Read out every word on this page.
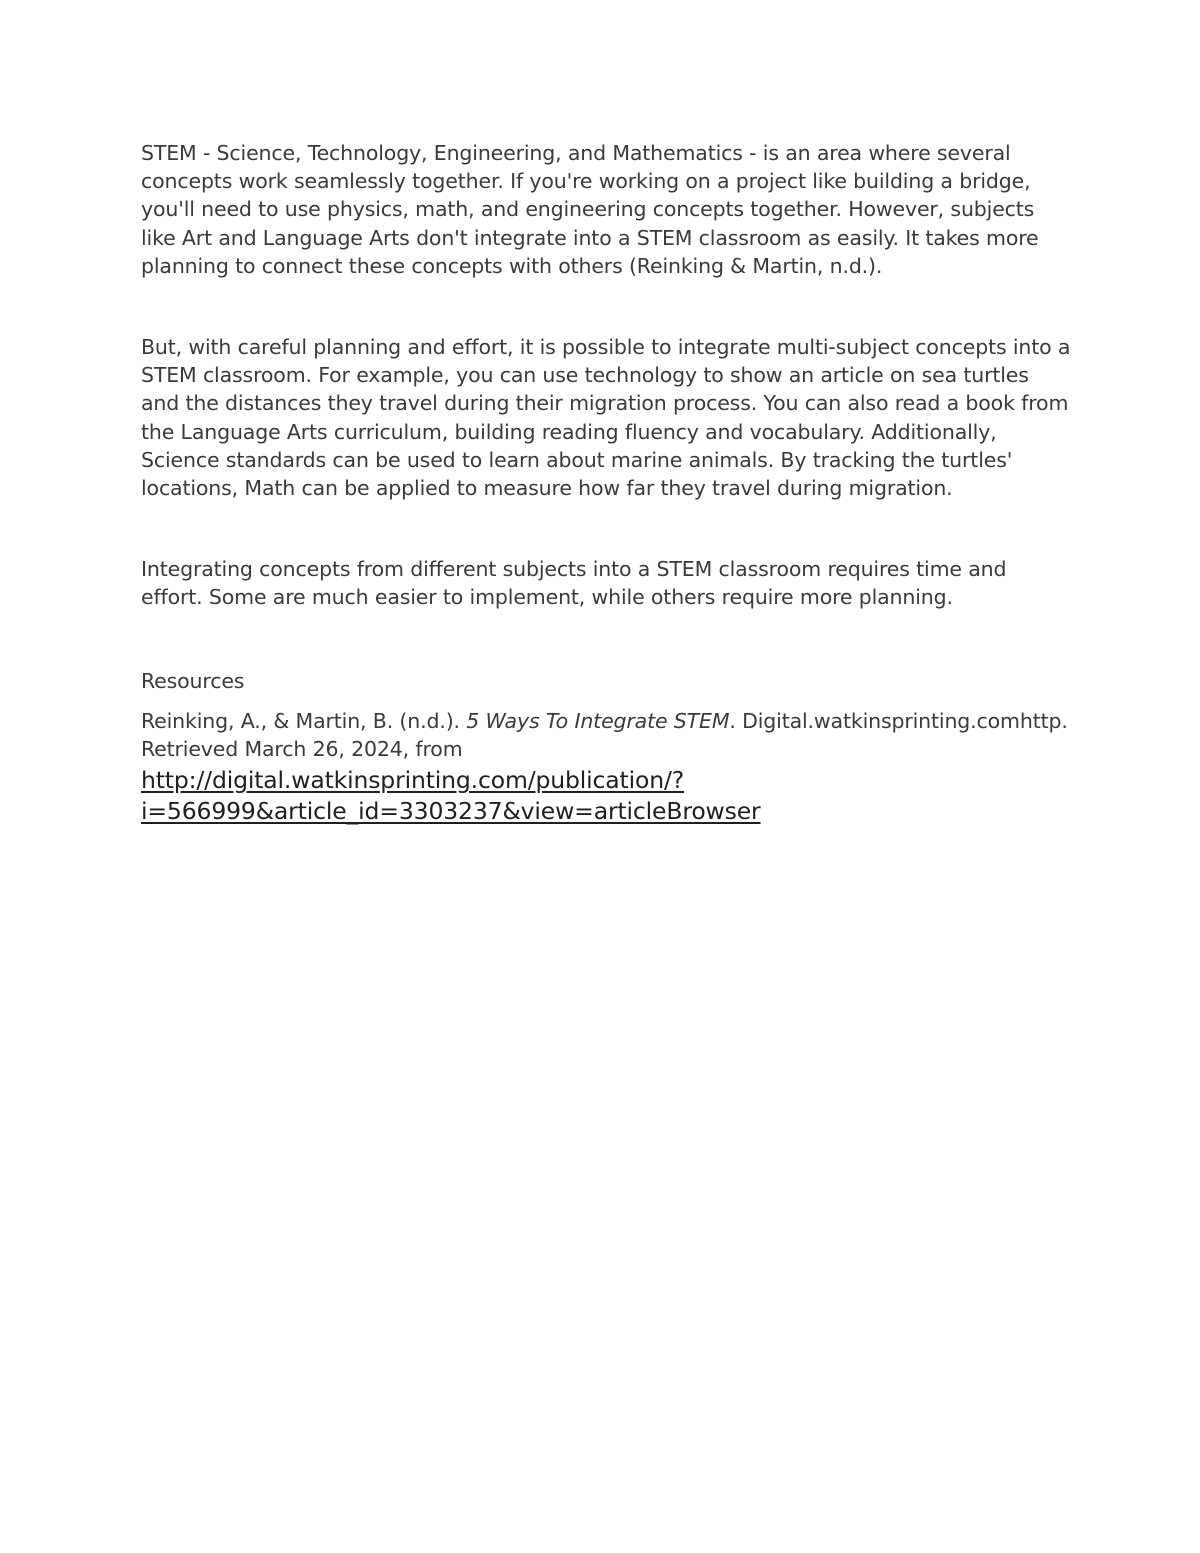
STEM - Science, Technology, Engineering, and Mathematics - is an area where several concepts work seamlessly together. If you're working on a project like building a bridge, you'll need to use physics, math, and engineering concepts together. However, subjects like Art and Language Arts don't integrate into a STEM classroom as easily. It takes more planning to connect these concepts with others (Reinking & Martin, n.d.).

But, with careful planning and effort, it is possible to integrate multi-subject concepts into a STEM classroom. For example, you can use technology to show an article on sea turtles and the distances they travel during their migration process. You can also read a book from the Language Arts curriculum, building reading fluency and vocabulary. Additionally, Science standards can be used to learn about marine animals. By tracking the turtles' locations, Math can be applied to measure how far they travel during migration.

Integrating concepts from different subjects into a STEM classroom requires time and effort. Some are much easier to implement, while others require more planning.

Resources

Reinking, A., & Martin, B. (n.d.). 5 Ways To Integrate STEM. Digital.watkinsprinting.comhttp. Retrieved March 26, 2024, from

http://digital.watkinsprinting.com/publication/?
i=566999&article_id=3303237&view=articleBrowser
